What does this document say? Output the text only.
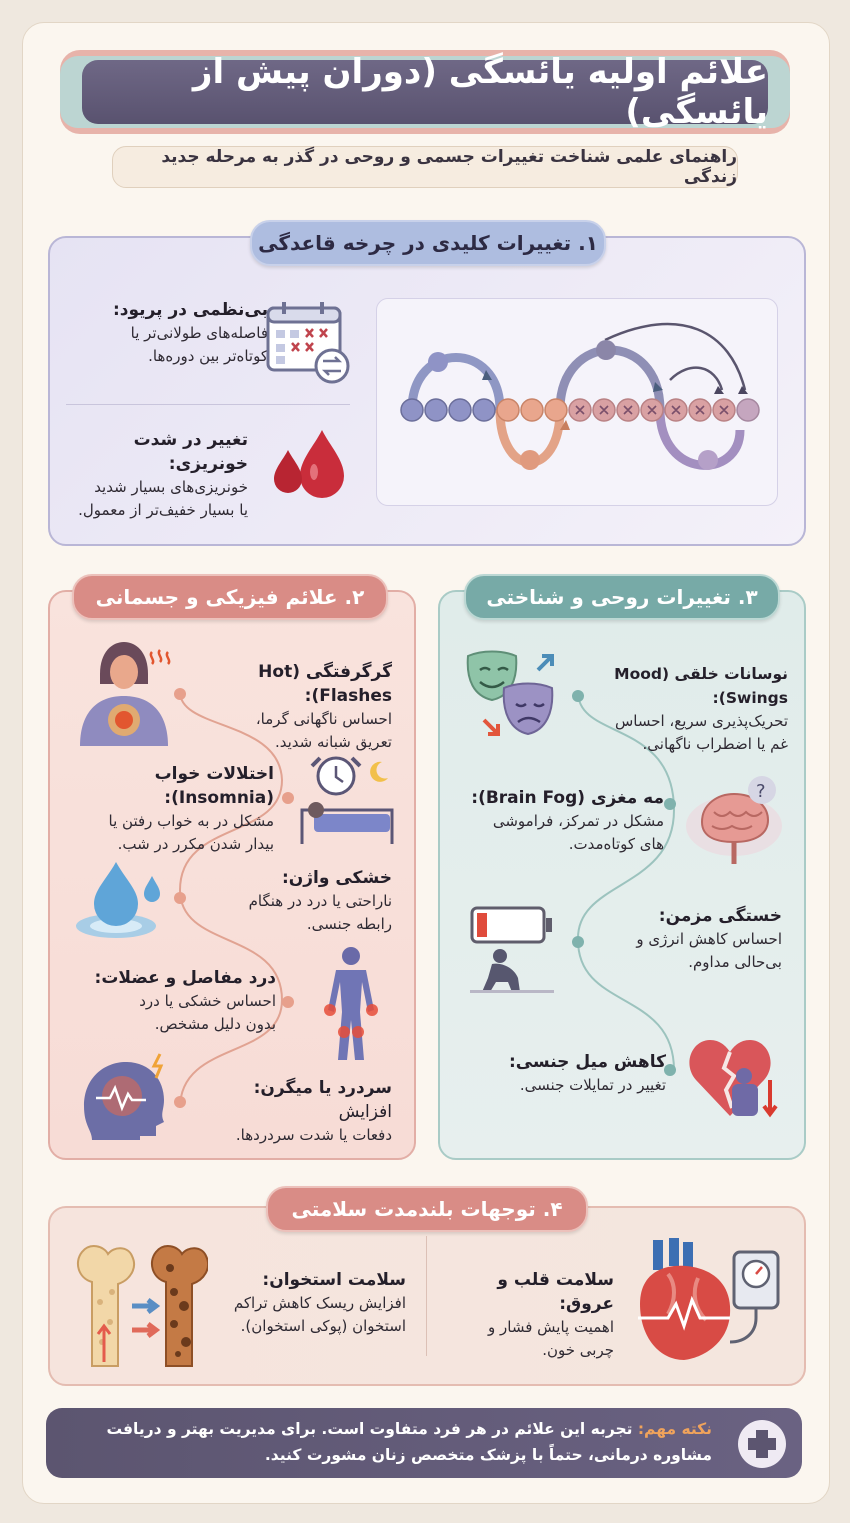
علائم اولیه یائسگی (دوران پیش از یائسگی)
راهنمای علمی شناخت تغییرات جسمی و روحی در گذر به مرحله جدید زندگی
۱. تغییرات کلیدی در چرخه قاعدگی
بی‌نظمی در پریود:
فاصله‌های طولانی‌تر یا
کوتاه‌تر بین دوره‌ها.
تغییر در شدت خونریزی:
خونریزی‌های بسیار شدید
یا بسیار خفیف‌تر از معمول.
۲. علائم فیزیکی و جسمانی
گرگرفتگی (Hot Flashes):
احساس ناگهانی گرما،
تعریق شبانه شدید.
اختلالات خواب (Insomnia):
مشکل در به خواب رفتن یا
بیدار شدن مکرر در شب.
خشکی واژن:
ناراحتی یا درد در هنگام
رابطه جنسی.
درد مفاصل و عضلات:
احساس خشکی یا درد
بدون دلیل مشخص.
سردرد یا میگرن: افزایش
دفعات یا شدت سردردها.
۳. تغییرات روحی و شناختی
نوسانات خلقی (Mood Swings):
تحریک‌پذیری سریع، احساس
غم یا اضطراب ناگهانی.
مه مغزی (Brain Fog):
مشکل در تمرکز، فراموشی
های کوتاه‌مدت.
خستگی مزمن:
احساس کاهش انرژی و
بی‌حالی مداوم.
کاهش میل جنسی:
تغییر در تمایلات جنسی.
?
۴. توجهات بلندمدت سلامتی
سلامت قلب و عروق:
اهمیت پایش فشار و
چربی خون.
سلامت استخوان:
افزایش ریسک کاهش تراکم
استخوان (پوکی استخوان).
نکته مهم: تجربه این علائم در هر فرد متفاوت است. برای مدیریت بهتر و دریافت
مشاوره درمانی، حتماً با پزشک متخصص زنان مشورت کنید.
